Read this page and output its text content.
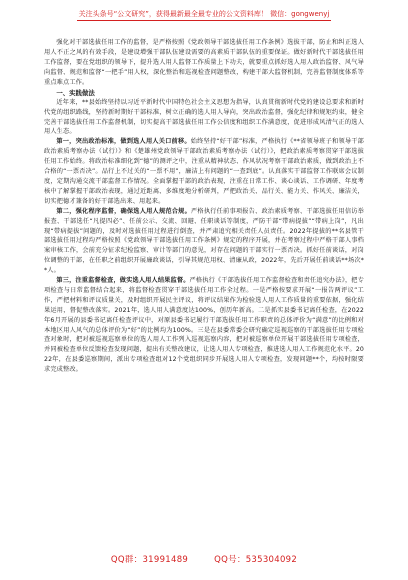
关注头条号“公文研究”，获得最新最全最专业的公文资料库！ 微信：gongwenyj

强化对干部选拔任用工作的监督，是严格按照《党政领导干部选拔任用工作条例》选拔干部，防止和纠正选人用人不正之风的有效手段，是建设增强干部队伍建设需要的高素质干部队伍的重要保证。做好新时代干部选拔任用工作监督，要在党组织的领导下，提升选人用人监督工作质量上下功夫，就要重点抓好选人用人政治监督、风气导向监督、规范和监督“一把手”用人权，深化整治和巡视检查问题整改，构建干部大监督机制，完善监督制度体系等重点难点工作。

一、实践做法

近年来，**县始终坚持以习近平新时代中国特色社会主义思想为指导，认真贯彻新时代党的建设总要求和新时代党的组织路线，坚持新时期好干部标准，树立正确的选人用人导向，突出政治监督，强化纪律和规矩约束，健全完善干部选拔任用工作监督机制，切实提高干部选拔任用工作公信度和组织工作满意度，促进形成风清气正的选人用人生态。

第一，突出政治标准，做到选人用人关口前移。始终坚持“好干部”标准，严格执行《**省领导班子和领导干部政治素质考察办法（试行）》和《楚雄州党政领导干部政治素质考察办法（试行）》，把政治素质考察贯穿干部选拔任用工作始终。将政治标准细化到“德”的测评之中，注重从精神状态、作风状况考察干部政治素质，做到政治上不合格的“一票否决”。品行上不过关的“一票不用”，廉洁上有问题的“一查到底”。认真落实干部监督工作联席会议制度，定期沟通交流干部监督工作情况。全面掌握干部的政治表现，注重在日常工作、谈心谈话、工作调研、年度考核中了解掌握干部政治表现，通过近距离、多维度地分析研判，严把政治关、品行关、能力关、作风关、廉洁关，切实把德才兼备的好干部选出来、用起来。

第二，强化程序监督，确保选人用人规范合规。严格执行任前事项报告、政治素质考察、干部选拔任用信访举报查、干部选任“凡提四必”、任前公示、交流、回避、任职谈话等制度，严防干部“带病提拔”“带病上岗”，凡出现“带病提拔”问题的，及时对选拔任用过程进行倒查，并严肃追究相关责任人员责任。2022年提拔的**名县管干部选拔任用过程均严格按照《党政领导干部选拔任用工作条例》规定的程序开展，并在考察过程中严格干部人事档案审核工作，会前充分征求纪检监察、审计等部门的意见，对存在问题的干部实行一票否决。抓好任前谈话，对岗位调整的干部，在任职之前组织开展廉政谈话，引导其规范用权、清廉从政，2022年，先后开展任前谈话**场次**人。

第三，注重监督检查，做实选人用人结果监督。严格执行《干部选拔任用工作监督检查和责任追究办法》，把专项检查与日常监督结合起来，将监督检查贯穿干部选拔任用工作全过程。一是严格按要求开展“一报告两评议”工作，严把材料和评议质量关，及时组织开展民主评议，将评议结果作为检验选人用人工作质量的重要依据，强化结果运用，督促整改落实。2021年，选人用人满意度达100%，创历年新高。二是抓实县委书记离任检查，在2022年6月开展的县委书记离任检查评议中，对原县委书记履行干部选拔任用工作职责的总体评价为“满意”的比例和对本地区用人风气的总体评价为“好”的比例均为100%。三是在县委常委会研究确定巡视巡察的干部选拔任用专项检查对象时，把对被巡视巡察单位的选人用人工作列入巡视巡察内容，把对被巡察单位开展干部选拔任用专项检查，并同被检查单位反馈检查发现问题，提出有关整改建议，让选人用人专项检查，推进选人用人工作规范化水平。2022年，在县委巡察期间，派出专项检查组对12个党组织同步开展选人用人专项检查，发现问题**个，均按时限要求完成整改。

QQ群：31991489	QQ号：535304092
